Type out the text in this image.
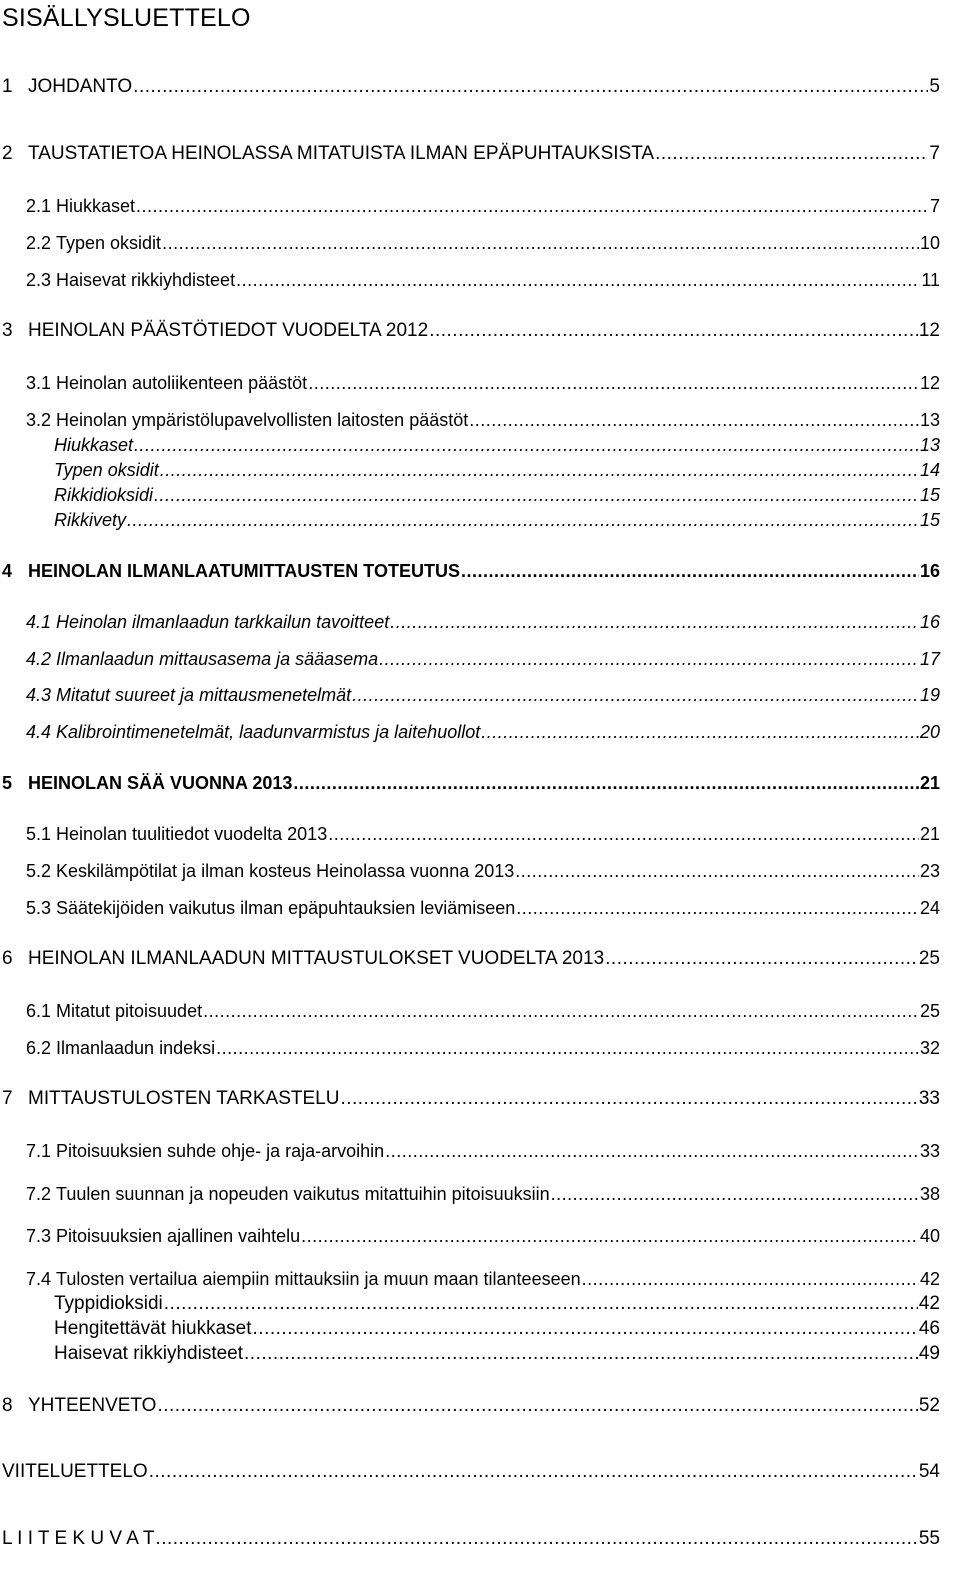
SISÄLLYSLUETTELO
1 JOHDANTO .....	5
2 TAUSTATIETOA HEINOLASSA MITATUISTA ILMAN EPÄPUHTAUKSISTA .....	7
2.1 Hiukkaset .....	7
2.2 Typen oksidit .....	10
2.3 Haisevat rikkiyhdisteet .....	11
3 HEINOLAN PÄÄSTÖTIEDOT VUODELTA 2012 .....	12
3.1 Heinolan autoliikenteen päästöt .....	12
3.2 Heinolan ympäristölupavelvollisten laitosten päästöt .....	13
Hiukkaset .....	13
Typen oksidit .....	14
Rikkidioksidi .....	15
Rikkivety .....	15
4 HEINOLAN ILMANLAATUMITTAUSTEN TOTEUTUS .....	16
4.1 Heinolan ilmanlaadun tarkkailun tavoitteet .....	16
4.2 Ilmanlaadun mittausasema ja sääasema .....	17
4.3 Mitatut suureet ja mittausmenetelmät .....	19
4.4 Kalibrointimenetelmät, laadunvarmistus ja laitehuollot .....	20
5 HEINOLAN SÄÄ VUONNA 2013 .....	21
5.1 Heinolan tuulitiedot vuodelta 2013 .....	21
5.2 Keskilämpötilat ja ilman kosteus Heinolassa vuonna 2013 .....	23
5.3 Säätekijöiden vaikutus ilman epäpuhtauksien leviämiseen .....	24
6 HEINOLAN ILMANLAADUN MITTAUSTULOKSET VUODELTA 2013 .....	25
6.1 Mitatut pitoisuudet .....	25
6.2 Ilmanlaadun indeksi .....	32
7 MITTAUSTULOSTEN TARKASTELU .....	33
7.1 Pitoisuuksien suhde ohje- ja raja-arvoihin .....	33
7.2 Tuulen suunnan ja nopeuden vaikutus mitattuihin pitoisuuksiin .....	38
7.3 Pitoisuuksien ajallinen vaihtelu .....	40
7.4 Tulosten vertailua aiempiin mittauksiin ja muun maan tilanteeseen .....	42
Typpidioksidi .....	42
Hengitettävät hiukkaset .....	46
Haisevat rikkiyhdisteet .....	49
8 YHTEENVETO .....	52
VIITELUETTELO .....	54
L I I T E K U V A T .....	55
